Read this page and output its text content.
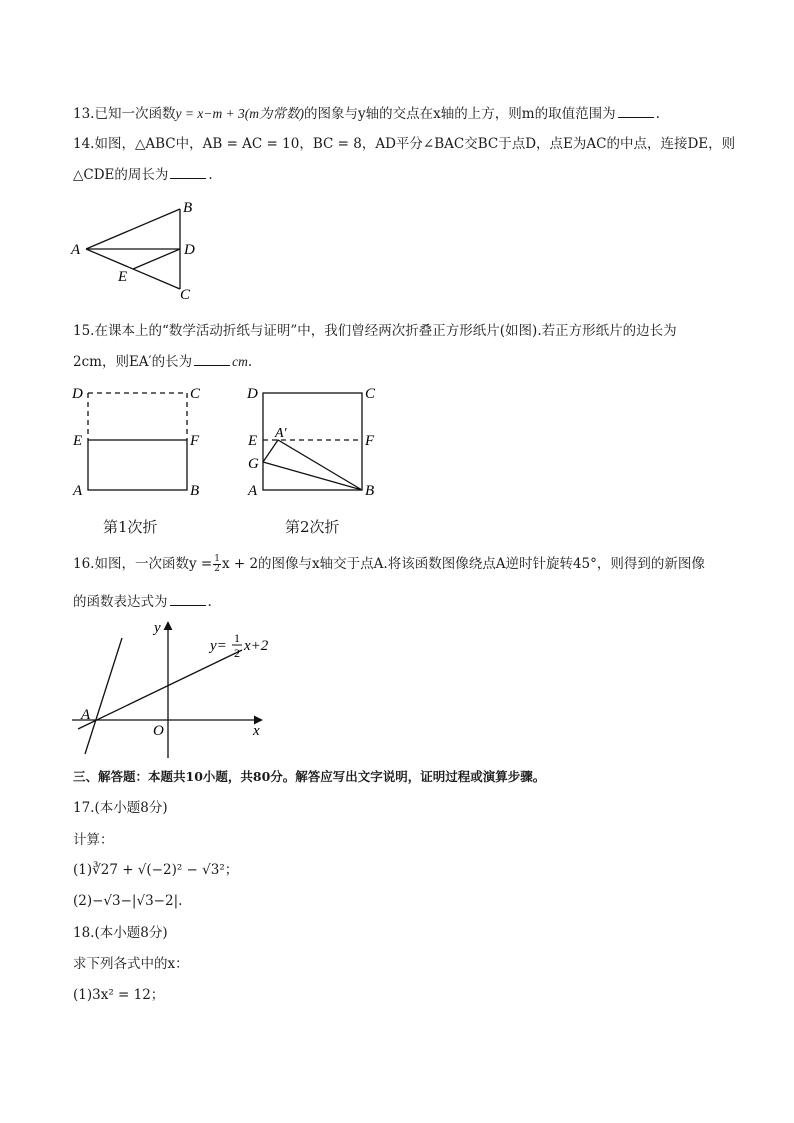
13.已知一次函数y = x−m + 3(m为常数)的图象与y轴的交点在x轴的上方，则m的取值范围为	.
14.如图，△ABC中，AB = AC = 10，BC = 8，AD平分∠BAC交BC于点D，点E为AC的中点，连接DE，则
△CDE的周长为	.
A
B
D
E
C
15.在课本上的“数学活动折纸与证明”中，我们曾经两次折叠正方形纸片(如图).若正方形纸片的边长为
2cm，则EA′的长为	cm.
D	C
E	F
A	B
第1次折
D	C
E A′	F
G
A	B
第2次折
16.如图，一次函数$y = \frac{1}{2}$ x + 2的图像与x轴交于点A.将该函数图像绕点A逆时针旋转45°，则得到的新图像
的函数表达式为	.
y
x
O
A
y= 1
2 x+2
三、解答题：本题共10小题，共80分。解答应写出文字说明，证明过程或演算步骤。
17.(本小题8分)
计算：
(1)∛27 + √(−2)² − √3²；
(2)−√3−|√3−2|.
18.(本小题8分)
求下列各式中的x：
(1)3x² = 12；
